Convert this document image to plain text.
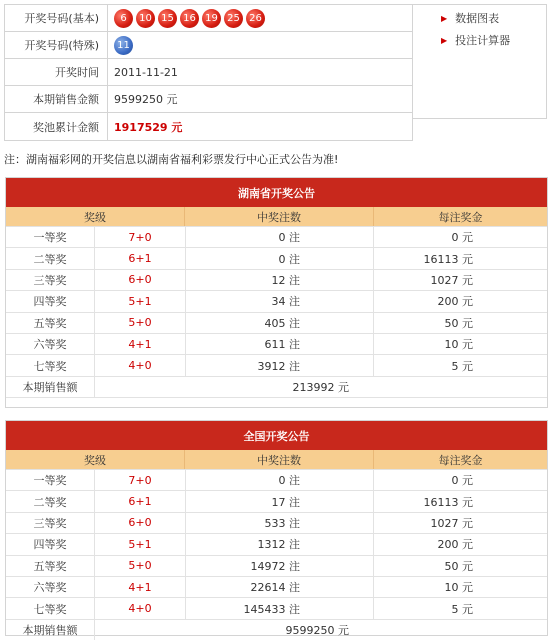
开奖号码(基本)	6	10 15 16 19 25 26
开奖号码(特殊)	11
开奖时间	2011-11-21
本期销售金额	9599250 元
奖池累计金额	1917529 元
▶ 数据图表
▶ 投注计算器
注：湖南福彩网的开奖信息以湖南省福利彩票发行中心正式公告为准!
湖南省开奖公告
奖级	中奖注数	每注奖金
一等奖	7+0	0 注	0 元
二等奖	6+1	0 注	16113 元
三等奖	6+0	12 注	1027 元
四等奖	5+1	34 注	200 元
五等奖	5+0	405 注	50 元
六等奖	4+1	611 注	10 元
七等奖	4+0	3912 注	5 元
本期销售额	213992 元
全国开奖公告
奖级	中奖注数	每注奖金
一等奖	7+0	0 注	0 元
二等奖	6+1	17 注	16113 元
三等奖	6+0	533 注	1027 元
四等奖	5+1	1312 注	200 元
五等奖	5+0	14972 注	50 元
六等奖	4+1	22614 注	10 元
七等奖	4+0	145433 注	5 元
本期销售额	9599250 元
